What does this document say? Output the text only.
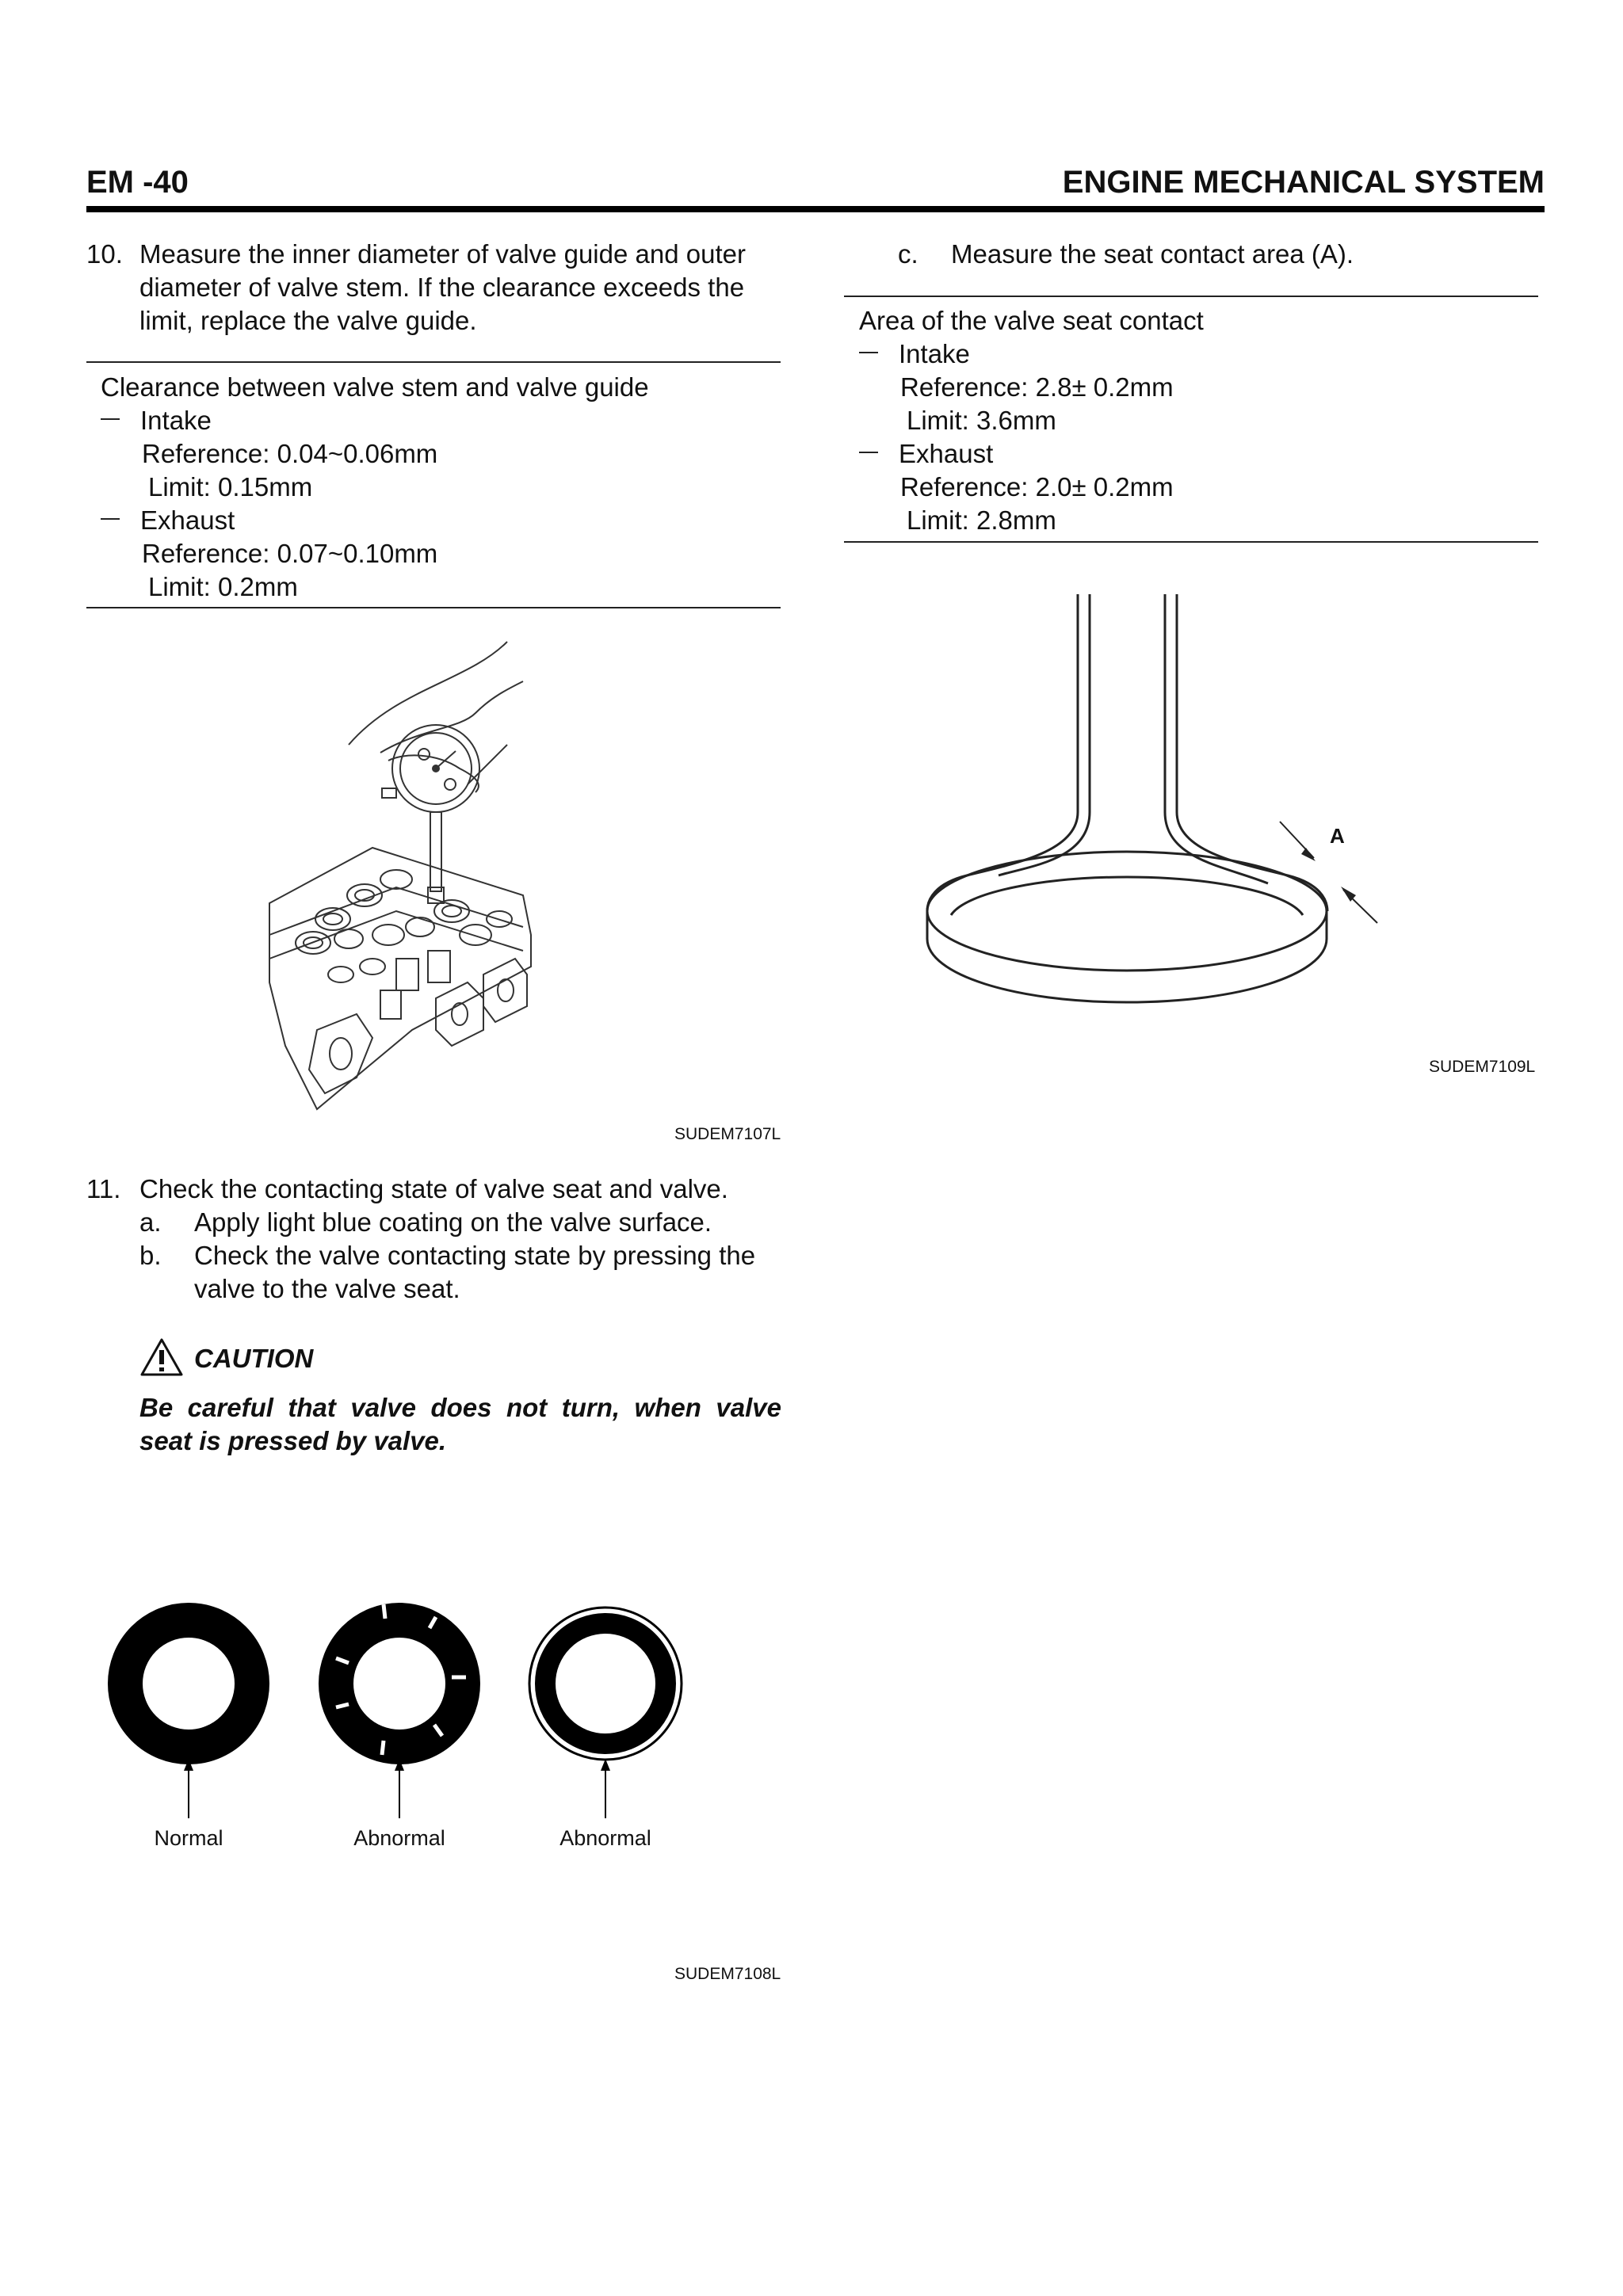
EM -40	ENGINE MECHANICAL SYSTEM
10. Measure the inner diameter of valve guide and outer
diameter of valve stem. If the clearance exceeds the
limit, replace the valve guide.
Clearance between valve stem and valve guide
Intake
Reference: 0.04~0.06mm
Limit: 0.15mm
Exhaust
Reference: 0.07~0.10mm
Limit: 0.2mm
SUDEM7107L
11. Check the contacting state of valve seat and valve.
a. Apply light blue coating on the valve surface.
b. Check the valve contacting state by pressing the
valve to the valve seat.
CAUTION
Be careful that valve does not turn, when valve
seat is pressed by valve.
Normal	Abnormal	Abnormal
SUDEM7108L
c. Measure the seat contact area (A).
Area of the valve seat contact
Intake
Reference: 2.8± 0.2mm
Limit: 3.6mm
Exhaust
Reference: 2.0± 0.2mm
Limit: 2.8mm
A
SUDEM7109L
